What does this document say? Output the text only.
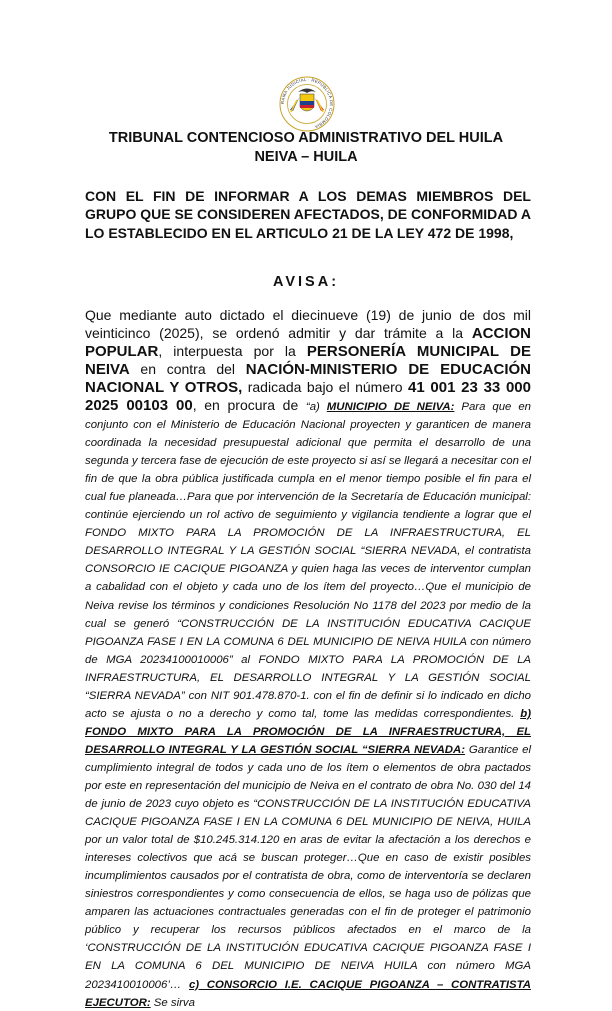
RAMA JUDICIAL · REPÚBLICA DE COLOMBIA
TRIBUNAL CONTENCIOSO ADMINISTRATIVO DEL HUILA
NEIVA – HUILA
CON EL FIN DE INFORMAR A LOS DEMAS MIEMBROS DEL GRUPO QUE SE CONSIDEREN AFECTADOS, DE CONFORMIDAD A LO ESTABLECIDO EN EL ARTICULO 21 DE LA LEY 472 DE 1998,
AVISA:
Que mediante auto dictado el diecinueve (19) de junio de dos mil veinticinco (2025), se ordenó admitir y dar trámite a la ACCION POPULAR, interpuesta por la PERSONERÍA MUNICIPAL DE NEIVA en contra del NACIÓN-MINISTERIO DE EDUCACIÓN NACIONAL Y OTROS, radicada bajo el número 41 001 23 33 000 2025 00103 00, en procura de “a) MUNICIPIO DE NEIVA: Para que en conjunto con el Ministerio de Educación Nacional proyecten y garanticen de manera coordinada la necesidad presupuestal adicional que permita el desarrollo de una segunda y tercera fase de ejecución de este proyecto si así se llegará a necesitar con el fin de que la obra pública justificada cumpla en el menor tiempo posible el fin para el cual fue planeada…Para que por intervención de la Secretaría de Educación municipal: continúe ejerciendo un rol activo de seguimiento y vigilancia tendiente a lograr que el FONDO MIXTO PARA LA PROMOCIÓN DE LA INFRAESTRUCTURA, EL DESARROLLO INTEGRAL Y LA GESTIÓN SOCIAL “SIERRA NEVADA, el contratista CONSORCIO IE CACIQUE PIGOANZA y quien haga las veces de interventor cumplan a cabalidad con el objeto y cada uno de los ítem del proyecto…Que el municipio de Neiva revise los términos y condiciones Resolución No 1178 del 2023 por medio de la cual se generó “CONSTRUCCIÓN DE LA INSTITUCIÓN EDUCATIVA CACIQUE PIGOANZA FASE I EN LA COMUNA 6 DEL MUNICIPIO DE NEIVA HUILA con número de MGA 20234100010006” al FONDO MIXTO PARA LA PROMOCIÓN DE LA INFRAESTRUCTURA, EL DESARROLLO INTEGRAL Y LA GESTIÓN SOCIAL “SIERRA NEVADA” con NIT 901.478.870-1. con el fin de definir si lo indicado en dicho acto se ajusta o no a derecho y como tal, tome las medidas correspondientes. b) FONDO MIXTO PARA LA PROMOCIÓN DE LA INFRAESTRUCTURA, EL DESARROLLO INTEGRAL Y LA GESTIÓN SOCIAL “SIERRA NEVADA: Garantice el cumplimiento integral de todos y cada uno de los ítem o elementos de obra pactados por este en representación del municipio de Neiva en el contrato de obra No. 030 del 14 de junio de 2023 cuyo objeto es “CONSTRUCCIÓN DE LA INSTITUCIÓN EDUCATIVA CACIQUE PIGOANZA FASE I EN LA COMUNA 6 DEL MUNICIPIO DE NEIVA, HUILA por un valor total de $10.245.314.120 en aras de evitar la afectación a los derechos e intereses colectivos que acá se buscan proteger…Que en caso de existir posibles incumplimientos causados por el contratista de obra, como de interventoría se declaren siniestros correspondientes y como consecuencia de ellos, se haga uso de pólizas que amparen las actuaciones contractuales generadas con el fin de proteger el patrimonio público y recuperar los recursos públicos afectados en el marco de la ‘CONSTRUCCIÓN DE LA INSTITUCIÓN EDUCATIVA CACIQUE PIGOANZA FASE I EN LA COMUNA 6 DEL MUNICIPIO DE NEIVA HUILA con número MGA 2023410010006’… c) CONSORCIO I.E. CACIQUE PIGOANZA – CONTRATISTA EJECUTOR: Se sirva
